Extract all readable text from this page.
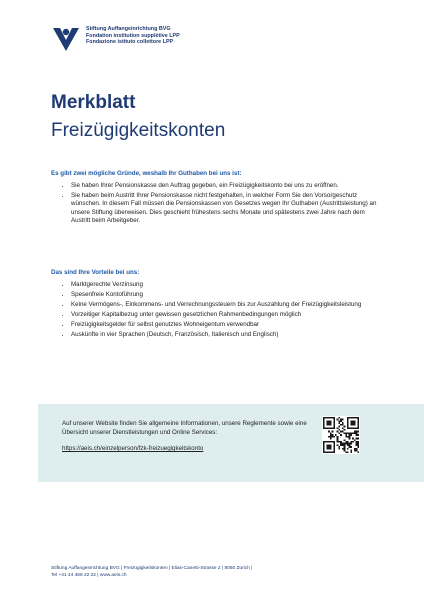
Stiftung Auffangeinrichtung BVG
Fondation institution supplétive LPP
Fondazione istituto collettore LPP
Merkblatt
Freizügigkeitskonten
Es gibt zwei mögliche Gründe, weshalb Ihr Guthaben bei uns ist:
• Sie haben Ihrer Pensionskasse den Auftrag gegeben, ein Freizügigkeitskonto bei uns zu eröffnen.
• Sie haben beim Austritt Ihrer Pensionskasse nicht festgehalten, in welcher Form Sie den Vorsorgeschutz wünschen. In diesem Fall müssen die Pensionskassen von Gesetzes wegen Ihr Guthaben (Austrittsleistung) an unsere Stiftung überweisen. Dies geschieht frühestens sechs Monate und spätestens zwei Jahre nach dem Austritt beim Arbeitgeber.
Das sind Ihre Vorteile bei uns:
• Marktgerechte Verzinsung
• Spesenfreie Kontoführung
• Keine Vermögens-, Einkommens- und Verrechnungssteuern bis zur Auszahlung der Freizügigkeitsleistung
• Vorzeitiger Kapitalbezug unter gewissen gesetzlichen Rahmenbedingungen möglich
• Freizügigkeitsgelder für selbst genutztes Wohneigentum verwendbar
• Auskünfte in vier Sprachen (Deutsch, Französisch, Italienisch und Englisch)
Auf unserer Website finden Sie allgemeine Informationen, unsere Reglemente sowie eine Übersicht unserer Dienstleistungen und Online Services:
https://aeis.ch/einzelperson/fzk-freizuegigkeitskonto
Stiftung Auffangeinrichtung BVG | Freizügigkeitskonten | Elias-Canetti-Strasse 2 | 8050 Zürich |
Tel +41 44 468 22 22 | www.aeis.ch
